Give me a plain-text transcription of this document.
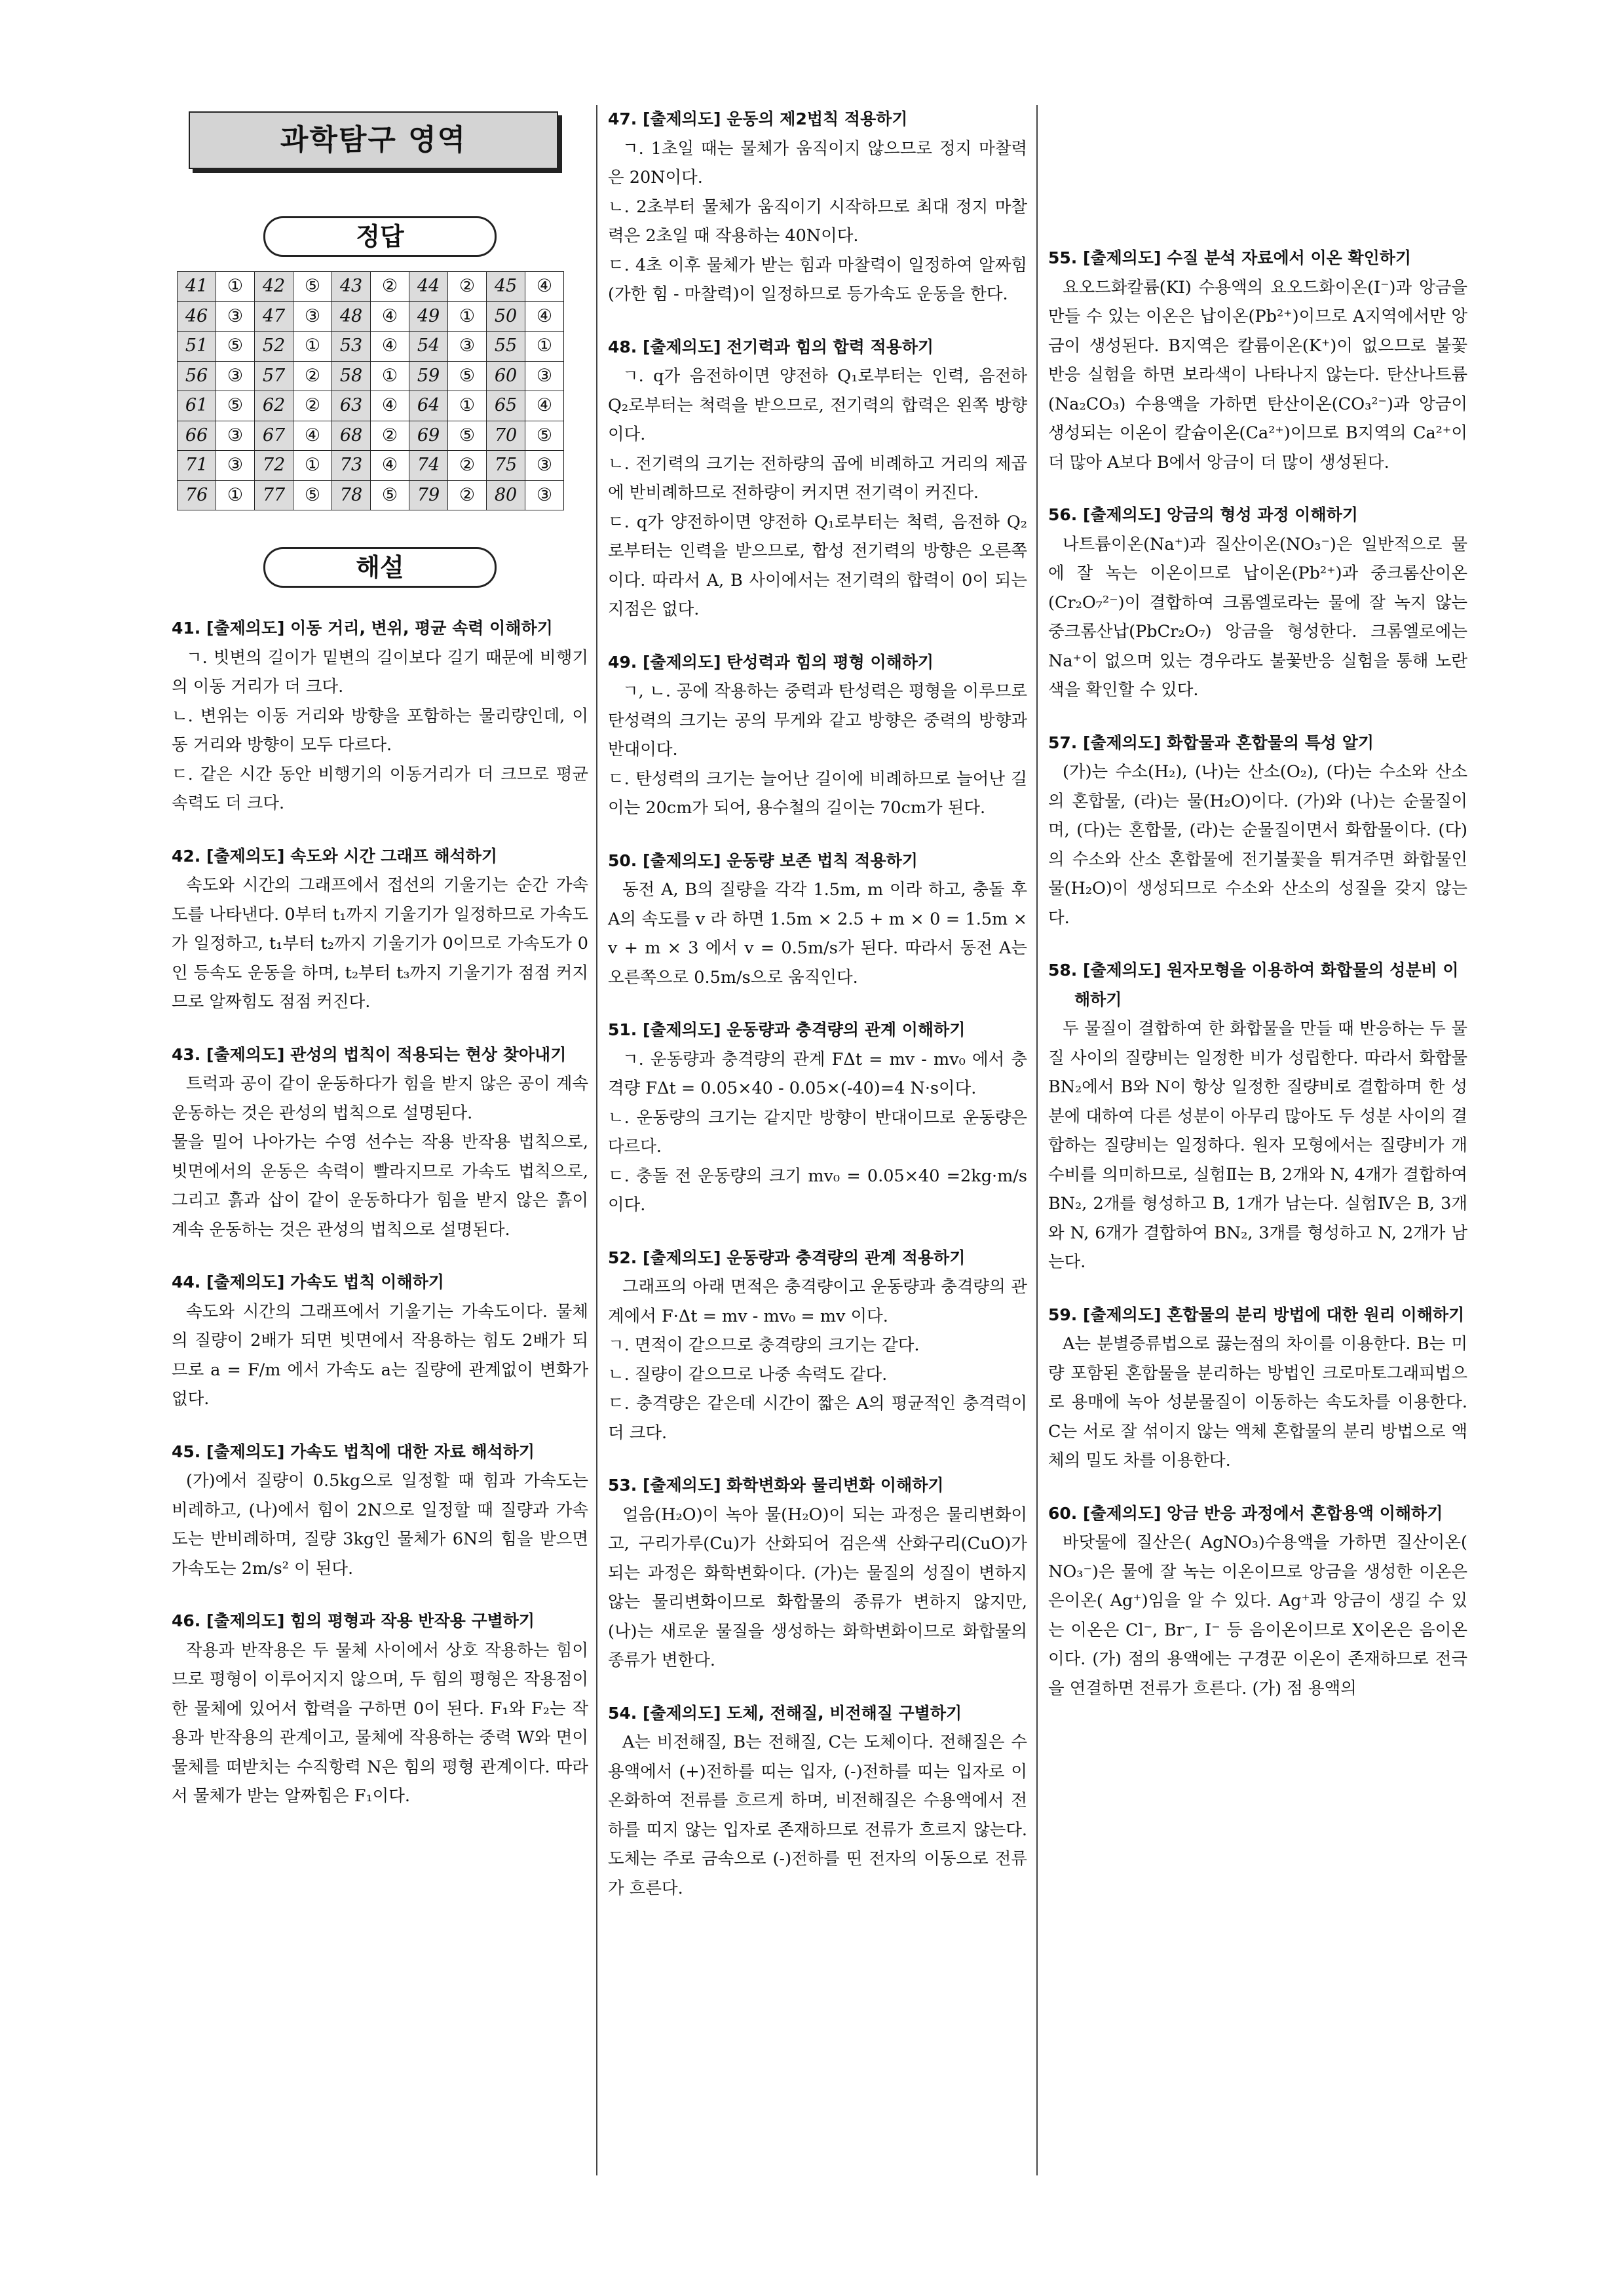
과학탐구 영역
정답
41	①	42	⑤	43	②	44	②	45	④
46	③	47	③	48	④	49	①	50	④
51	⑤	52	①	53	④	54	③	55	①
56	③	57	②	58	①	59	⑤	60	③
61	⑤	62	②	63	④	64	①	65	④
66	③	67	④	68	②	69	⑤	70	⑤
71	③	72	①	73	④	74	②	75	③
76	①	77	⑤	78	⑤	79	②	80	③
해설
41. [출제의도] 이동 거리, 변위, 평균 속력 이해하기
ㄱ. 빗변의 길이가 밑변의 길이보다 길기 때문에 비행기의 이동 거리가 더 크다.
ㄴ. 변위는 이동 거리와 방향을 포함하는 물리량인데, 이동 거리와 방향이 모두 다르다.
ㄷ. 같은 시간 동안 비행기의 이동거리가 더 크므로 평균 속력도 더 크다.
42. [출제의도] 속도와 시간 그래프 해석하기
속도와 시간의 그래프에서 접선의 기울기는 순간 가속도를 나타낸다. 0부터 t₁까지 기울기가 일정하므로 가속도가 일정하고, t₁부터 t₂까지 기울기가 0이므로 가속도가 0인 등속도 운동을 하며, t₂부터 t₃까지 기울기가 점점 커지므로 알짜힘도 점점 커진다.
43. [출제의도] 관성의 법칙이 적용되는 현상 찾아내기
트럭과 공이 같이 운동하다가 힘을 받지 않은 공이 계속 운동하는 것은 관성의 법칙으로 설명된다.
물을 밀어 나아가는 수영 선수는 작용 반작용 법칙으로, 빗면에서의 운동은 속력이 빨라지므로 가속도 법칙으로, 그리고 흙과 삽이 같이 운동하다가 힘을 받지 않은 흙이 계속 운동하는 것은 관성의 법칙으로 설명된다.
44. [출제의도] 가속도 법칙 이해하기
속도와 시간의 그래프에서 기울기는 가속도이다. 물체의 질량이 2배가 되면 빗면에서 작용하는 힘도 2배가 되므로 a = F/m 에서 가속도 a는 질량에 관계없이 변화가 없다.
45. [출제의도] 가속도 법칙에 대한 자료 해석하기
(가)에서 질량이 0.5kg으로 일정할 때 힘과 가속도는 비례하고, (나)에서 힘이 2N으로 일정할 때 질량과 가속도는 반비례하며, 질량 3kg인 물체가 6N의 힘을 받으면 가속도는 2m/s² 이 된다.
46. [출제의도] 힘의 평형과 작용 반작용 구별하기
작용과 반작용은 두 물체 사이에서 상호 작용하는 힘이므로 평형이 이루어지지 않으며, 두 힘의 평형은 작용점이 한 물체에 있어서 합력을 구하면 0이 된다. F₁와 F₂는 작용과 반작용의 관계이고, 물체에 작용하는 중력 W와 면이 물체를 떠받치는 수직항력 N은 힘의 평형 관계이다. 따라서 물체가 받는 알짜힘은 F₁이다.
47. [출제의도] 운동의 제2법칙 적용하기
ㄱ. 1초일 때는 물체가 움직이지 않으므로 정지 마찰력은 20N이다.
ㄴ. 2초부터 물체가 움직이기 시작하므로 최대 정지 마찰력은 2초일 때 작용하는 40N이다.
ㄷ. 4초 이후 물체가 받는 힘과 마찰력이 일정하여 알짜힘(가한 힘 - 마찰력)이 일정하므로 등가속도 운동을 한다.
48. [출제의도] 전기력과 힘의 합력 적용하기
ㄱ. q가 음전하이면 양전하 Q₁로부터는 인력, 음전하 Q₂로부터는 척력을 받으므로, 전기력의 합력은 왼쪽 방향이다.
ㄴ. 전기력의 크기는 전하량의 곱에 비례하고 거리의 제곱에 반비례하므로 전하량이 커지면 전기력이 커진다.
ㄷ. q가 양전하이면 양전하 Q₁로부터는 척력, 음전하 Q₂로부터는 인력을 받으므로, 합성 전기력의 방향은 오른쪽이다. 따라서 A, B 사이에서는 전기력의 합력이 0이 되는 지점은 없다.
49. [출제의도] 탄성력과 힘의 평형 이해하기
ㄱ, ㄴ. 공에 작용하는 중력과 탄성력은 평형을 이루므로 탄성력의 크기는 공의 무게와 같고 방향은 중력의 방향과 반대이다.
ㄷ. 탄성력의 크기는 늘어난 길이에 비례하므로 늘어난 길이는 20cm가 되어, 용수철의 길이는 70cm가 된다.
50. [출제의도] 운동량 보존 법칙 적용하기
동전 A, B의 질량을 각각 1.5m, m 이라 하고, 충돌 후 A의 속도를 v 라 하면 1.5m × 2.5 + m × 0 = 1.5m × v + m × 3 에서 v = 0.5m/s가 된다. 따라서 동전 A는 오른쪽으로 0.5m/s으로 움직인다.
51. [출제의도] 운동량과 충격량의 관계 이해하기
ㄱ. 운동량과 충격량의 관계 FΔt = mv - mv₀ 에서 충격량 FΔt = 0.05×40 - 0.05×(-40)=4 N·s이다.
ㄴ. 운동량의 크기는 같지만 방향이 반대이므로 운동량은 다르다.
ㄷ. 충돌 전 운동량의 크기 mv₀ = 0.05×40 =2kg·m/s이다.
52. [출제의도] 운동량과 충격량의 관계 적용하기
그래프의 아래 면적은 충격량이고 운동량과 충격량의 관계에서 F·Δt = mv - mv₀ = mv 이다.
ㄱ. 면적이 같으므로 충격량의 크기는 같다.
ㄴ. 질량이 같으므로 나중 속력도 같다.
ㄷ. 충격량은 같은데 시간이 짧은 A의 평균적인 충격력이 더 크다.
53. [출제의도] 화학변화와 물리변화 이해하기
얼음(H₂O)이 녹아 물(H₂O)이 되는 과정은 물리변화이고, 구리가루(Cu)가 산화되어 검은색 산화구리(CuO)가 되는 과정은 화학변화이다. (가)는 물질의 성질이 변하지 않는 물리변화이므로 화합물의 종류가 변하지 않지만, (나)는 새로운 물질을 생성하는 화학변화이므로 화합물의 종류가 변한다.
54. [출제의도] 도체, 전해질, 비전해질 구별하기
A는 비전해질, B는 전해질, C는 도체이다. 전해질은 수용액에서 (+)전하를 띠는 입자, (-)전하를 띠는 입자로 이온화하여 전류를 흐르게 하며, 비전해질은 수용액에서 전하를 띠지 않는 입자로 존재하므로 전류가 흐르지 않는다. 도체는 주로 금속으로 (-)전하를 띤 전자의 이동으로 전류가 흐른다.
55. [출제의도] 수질 분석 자료에서 이온 확인하기
요오드화칼륨(KI) 수용액의 요오드화이온(I⁻)과 앙금을 만들 수 있는 이온은 납이온(Pb²⁺)이므로 A지역에서만 앙금이 생성된다. B지역은 칼륨이온(K⁺)이 없으므로 불꽃 반응 실험을 하면 보라색이 나타나지 않는다. 탄산나트륨(Na₂CO₃) 수용액을 가하면 탄산이온(CO₃²⁻)과 앙금이 생성되는 이온이 칼슘이온(Ca²⁺)이므로 B지역의 Ca²⁺이 더 많아 A보다 B에서 앙금이 더 많이 생성된다.
56. [출제의도] 앙금의 형성 과정 이해하기
나트륨이온(Na⁺)과 질산이온(NO₃⁻)은 일반적으로 물에 잘 녹는 이온이므로 납이온(Pb²⁺)과 중크롬산이온(Cr₂O₇²⁻)이 결합하여 크롬엘로라는 물에 잘 녹지 않는 중크롬산납(PbCr₂O₇) 앙금을 형성한다. 크롬엘로에는 Na⁺이 없으며 있는 경우라도 불꽃반응 실험을 통해 노란색을 확인할 수 있다.
57. [출제의도] 화합물과 혼합물의 특성 알기
(가)는 수소(H₂), (나)는 산소(O₂), (다)는 수소와 산소의 혼합물, (라)는 물(H₂O)이다. (가)와 (나)는 순물질이며, (다)는 혼합물, (라)는 순물질이면서 화합물이다. (다)의 수소와 산소 혼합물에 전기불꽃을 튀겨주면 화합물인 물(H₂O)이 생성되므로 수소와 산소의 성질을 갖지 않는다.
58. [출제의도] 원자모형을 이용하여 화합물의 성분비 이해하기
두 물질이 결합하여 한 화합물을 만들 때 반응하는 두 물질 사이의 질량비는 일정한 비가 성립한다. 따라서 화합물 BN₂에서 B와 N이 항상 일정한 질량비로 결합하며 한 성분에 대하여 다른 성분이 아무리 많아도 두 성분 사이의 결합하는 질량비는 일정하다. 원자 모형에서는 질량비가 개수비를 의미하므로, 실험Ⅱ는 B, 2개와 N, 4개가 결합하여 BN₂, 2개를 형성하고 B, 1개가 남는다. 실험Ⅳ은 B, 3개와 N, 6개가 결합하여 BN₂, 3개를 형성하고 N, 2개가 남는다.
59. [출제의도] 혼합물의 분리 방법에 대한 원리 이해하기
A는 분별증류법으로 끓는점의 차이를 이용한다. B는 미량 포함된 혼합물을 분리하는 방법인 크로마토그래피법으로 용매에 녹아 성분물질이 이동하는 속도차를 이용한다. C는 서로 잘 섞이지 않는 액체 혼합물의 분리 방법으로 액체의 밀도 차를 이용한다.
60. [출제의도] 앙금 반응 과정에서 혼합용액 이해하기
바닷물에 질산은( AgNO₃)수용액을 가하면 질산이온( NO₃⁻)은 물에 잘 녹는 이온이므로 앙금을 생성한 이온은 은이온( Ag⁺)임을 알 수 있다. Ag⁺과 앙금이 생길 수 있는 이온은 Cl⁻, Br⁻, I⁻ 등 음이온이므로 X이온은 음이온이다. (가) 점의 용액에는 구경꾼 이온이 존재하므로 전극을 연결하면 전류가 흐른다. (가) 점 용액의
